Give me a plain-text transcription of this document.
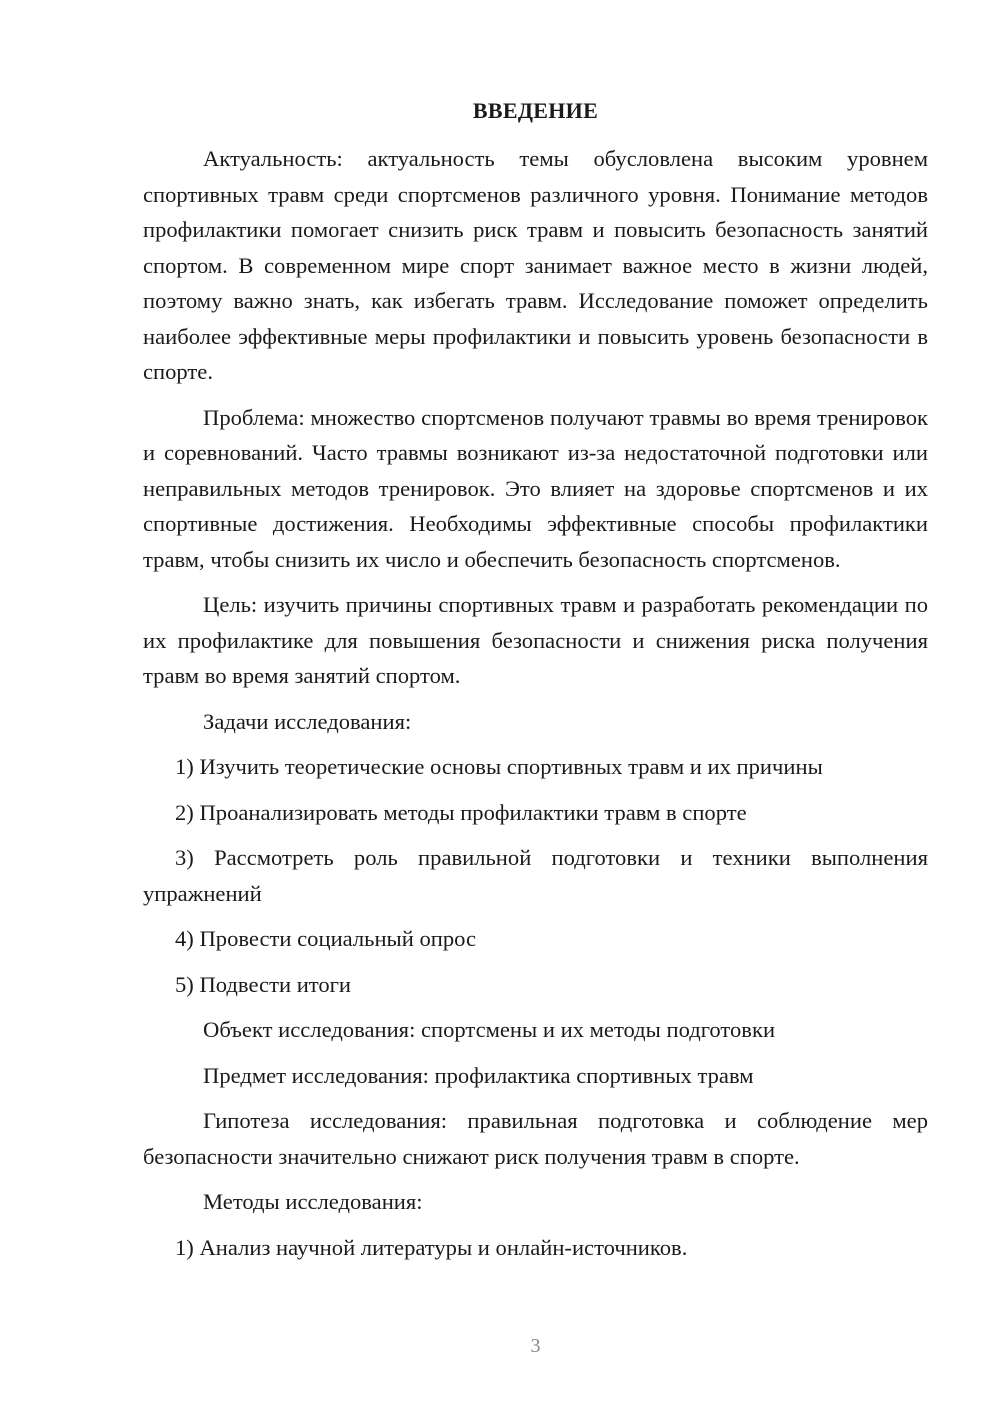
ВВЕДЕНИЕ

Актуальность: актуальность темы обусловлена высоким уровнем спортивных травм среди спортсменов различного уровня. Понимание методов профилактики помогает снизить риск травм и повысить безопасность занятий спортом. В современном мире спорт занимает важное место в жизни людей, поэтому важно знать, как избегать травм. Исследование поможет определить наиболее эффективные меры профилактики и повысить уровень безопасности в спорте.

Проблема: множество спортсменов получают травмы во время тренировок и соревнований. Часто травмы возникают из-за недостаточной подготовки или неправильных методов тренировок. Это влияет на здоровье спортсменов и их спортивные достижения. Необходимы эффективные способы профилактики травм, чтобы снизить их число и обеспечить безопасность спортсменов.

Цель: изучить причины спортивных травм и разработать рекомендации по их профилактике для повышения безопасности и снижения риска получения травм во время занятий спортом.

Задачи исследования:

1) Изучить теоретические основы спортивных травм и их причины

2) Проанализировать методы профилактики травм в спорте

3) Рассмотреть роль правильной подготовки и техники выполнения упражнений

4) Провести социальный опрос

5) Подвести итоги

Объект исследования: спортсмены и их методы подготовки

Предмет исследования: профилактика спортивных травм

Гипотеза исследования: правильная подготовка и соблюдение мер безопасности значительно снижают риск получения травм в спорте.

Методы исследования:

1) Анализ научной литературы и онлайн-источников.

3
